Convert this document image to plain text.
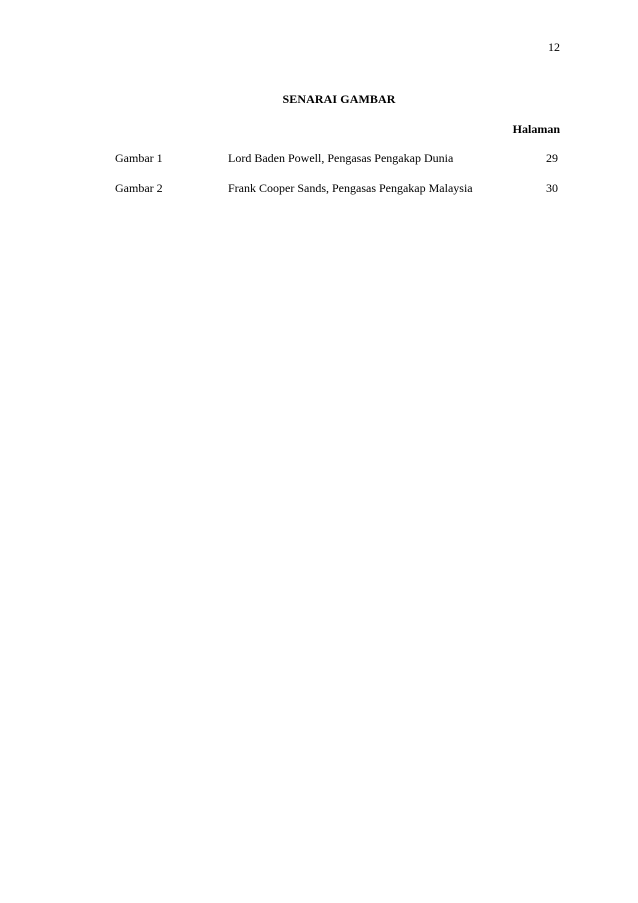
12
SENARAI GAMBAR
Halaman
Gambar 1	Lord Baden Powell, Pengasas Pengakap Dunia	29
Gambar 2	Frank Cooper Sands, Pengasas Pengakap Malaysia	30
